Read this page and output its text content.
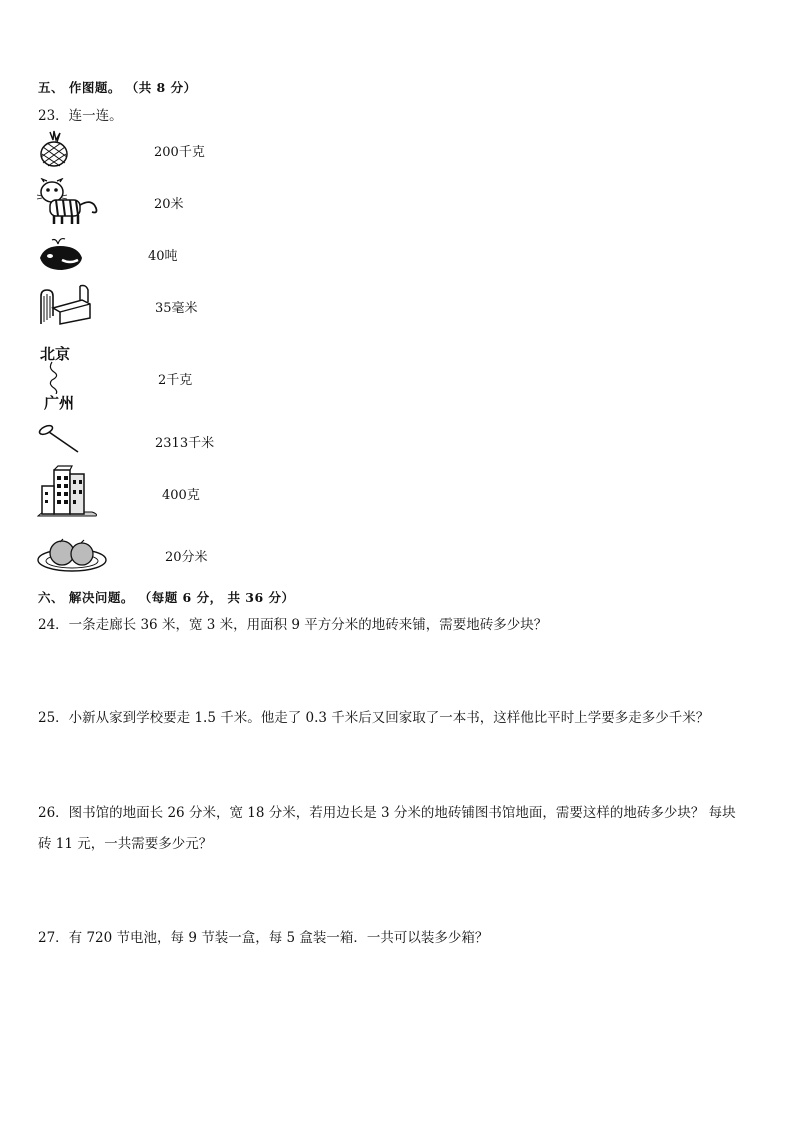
五、 作图题。 （共 8 分）
23．连一连。
北京
广州
200千克
20米
40吨
35毫米
2千克
2313千米
400克
20分米
六、 解决问题。 （每题 6 分， 共 36 分）
24．一条走廊长 36 米，宽 3 米，用面积 9 平方分米的地砖来铺，需要地砖多少块？
25．小新从家到学校要走 1.5 千米。他走了 0.3 千米后又回家取了一本书，这样他比平时上学要多走多少千米？
26．图书馆的地面长 26 分米，宽 18 分米，若用边长是 3 分米的地砖铺图书馆地面，需要这样的地砖多少块？ 每块
砖 11 元，一共需要多少元？
27．有 720 节电池，每 9 节装一盒，每 5 盒装一箱．一共可以装多少箱？
